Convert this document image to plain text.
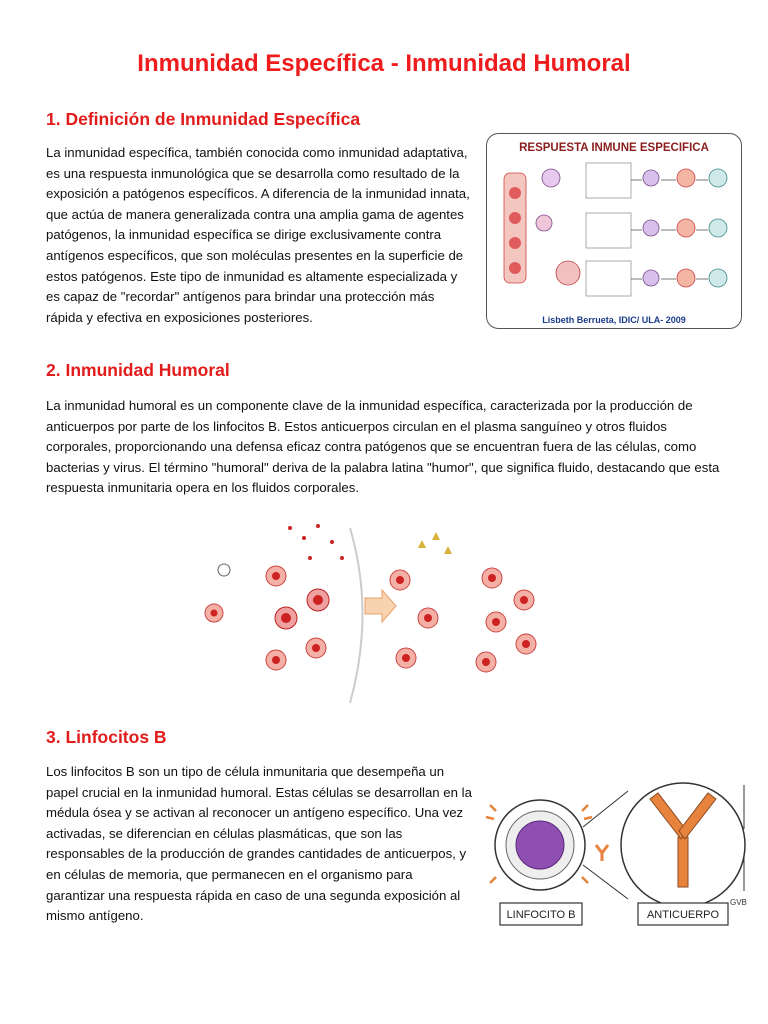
Inmunidad Específica - Inmunidad Humoral
1. Definición de Inmunidad Específica
La inmunidad específica, también conocida como inmunidad adaptativa, es una respuesta inmunológica que se desarrolla como resultado de la exposición a patógenos específicos. A diferencia de la inmunidad innata, que actúa de manera generalizada contra una amplia gama de agentes patógenos, la inmunidad específica se dirige exclusivamente contra antígenos específicos, que son moléculas presentes en la superficie de estos patógenos. Este tipo de inmunidad es altamente especializada y es capaz de "recordar" antígenos para brindar una protección más rápida y efectiva en exposiciones posteriores.
RESPUESTA INMUNE ESPECIFICA
Lisbeth Berrueta, IDIC/ ULA- 2009
2. Inmunidad Humoral
La inmunidad humoral es un componente clave de la inmunidad específica, caracterizada por la producción de anticuerpos por parte de los linfocitos B. Estos anticuerpos circulan en el plasma sanguíneo y otros fluidos corporales, proporcionando una defensa eficaz contra patógenos que se encuentran fuera de las células, como bacterias y virus. El término "humoral" deriva de la palabra latina "humor", que significa fluido, destacando que esta respuesta inmunitaria opera en los fluidos corporales.
3. Linfocitos B
Los linfocitos B son un tipo de célula inmunitaria que desempeña un papel crucial en la inmunidad humoral. Estas células se desarrollan en la médula ósea y se activan al reconocer un antígeno específico. Una vez activadas, se diferencian en células plasmáticas, que son las responsables de la producción de grandes cantidades de anticuerpos, y en células de memoria, que permanecen en el organismo para garantizar una respuesta rápida en caso de una segunda exposición al mismo antígeno.	LINFOCITO B	ANTICUERPO
GVB
